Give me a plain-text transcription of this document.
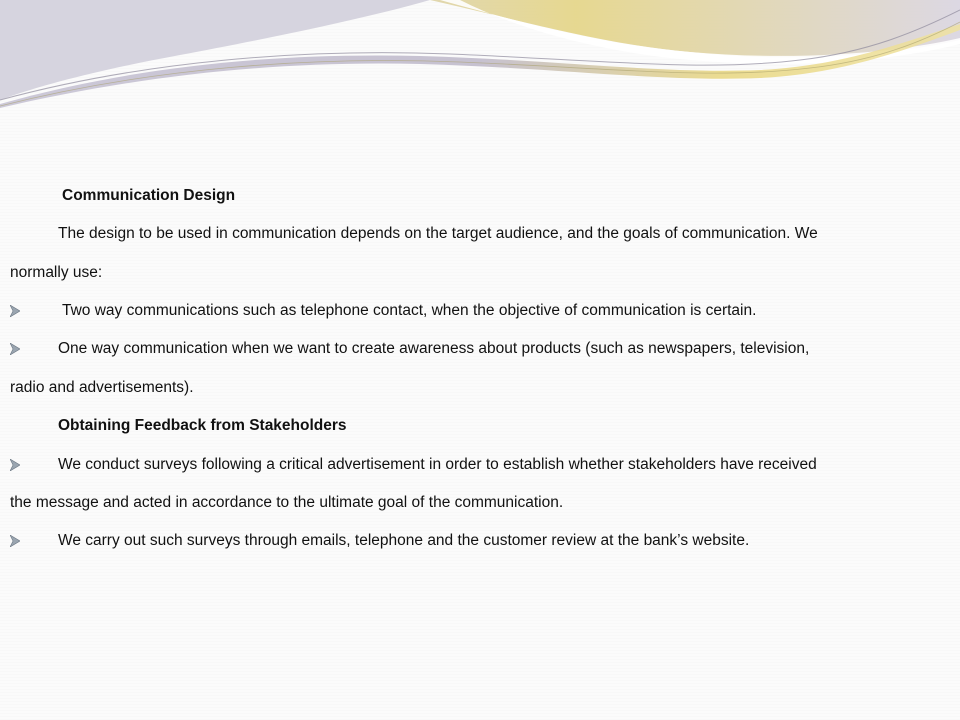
Communication Design
The design to be used in communication depends on the target audience, and the goals of communication. We
normally use:
Two way communications such as telephone contact, when the objective of communication is certain.
One way communication when we want to create awareness about products (such as newspapers, television,
radio and advertisements).
Obtaining Feedback from Stakeholders
We conduct surveys following a critical advertisement in order to establish whether stakeholders have received
the message and acted in accordance to the ultimate goal of the communication.
We carry out such surveys through emails, telephone and the customer review at the bank’s website.
